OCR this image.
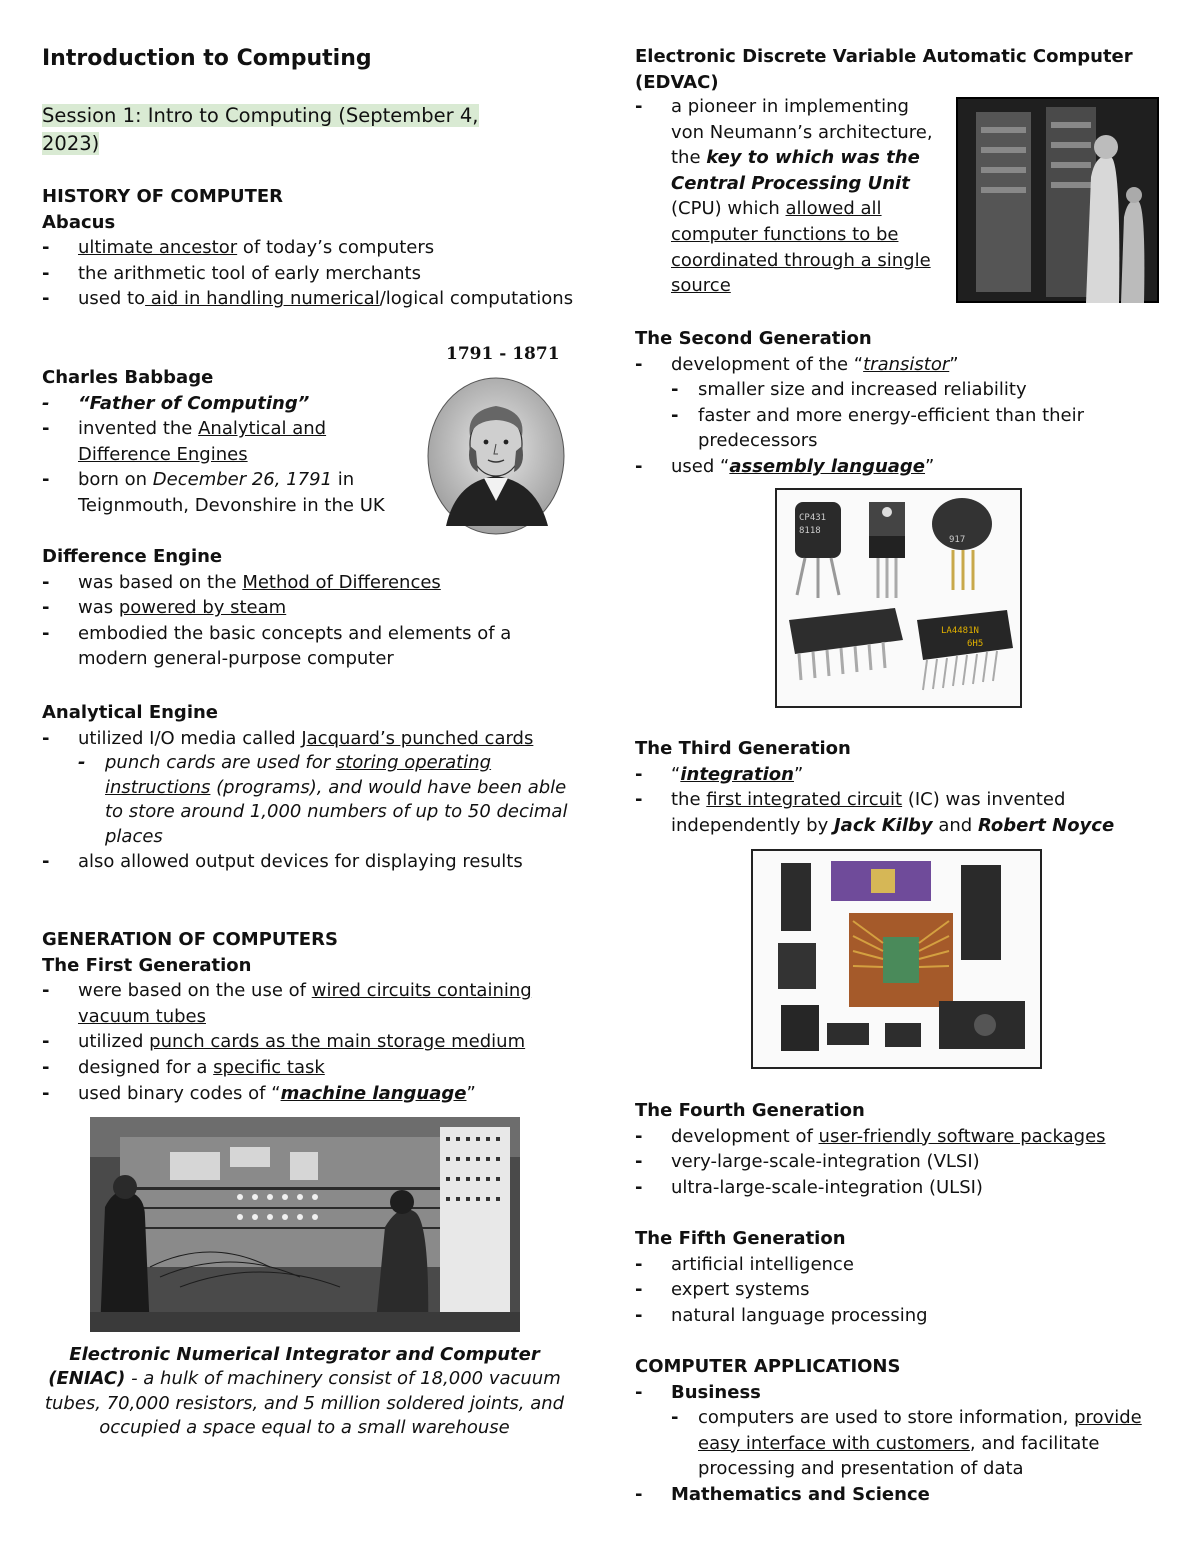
Introduction to Computing
Session 1: Intro to Computing (September 4, 2023)
HISTORY OF COMPUTER
Abacus
- ultimate ancestor of today’s computers
- the arithmetic tool of early merchants
- used to aid in handling numerical/logical computations
1791 - 1871
Charles Babbage
- “Father of Computing”
- invented the Analytical and Difference Engines
- born on December 26, 1791 in Teignmouth, Devonshire in the UK
Difference Engine
- was based on the Method of Differences
- was powered by steam
- embodied the basic concepts and elements of a modern general-purpose computer
Analytical Engine
- utilized I/O media called Jacquard’s punched cards
- punch cards are used for storing operating instructions (programs), and would have been able to store around 1,000 numbers of up to 50 decimal places
- also allowed output devices for displaying results
GENERATION OF COMPUTERS
The First Generation
- were based on the use of wired circuits containing vacuum tubes
- utilized punch cards as the main storage medium
- designed for a specific task
- used binary codes of “machine language”
Electronic Numerical Integrator and Computer (ENIAC) - a hulk of machinery consist of 18,000 vacuum tubes, 70,000 resistors, and 5 million soldered joints, and occupied a space equal to a small warehouse
Electronic Discrete Variable Automatic Computer (EDVAC)
- a pioneer in implementing von Neumann’s architecture, the key to which was the Central Processing Unit (CPU) which allowed all computer functions to be coordinated through a single source
The Second Generation
- development of the “transistor”
- smaller size and increased reliability
- faster and more energy-efficient than their predecessors
- used “assembly language”
CP431
8118
917
LA4481N
6H5
The Third Generation
- “integration”
- the first integrated circuit (IC) was invented independently by Jack Kilby and Robert Noyce
The Fourth Generation
- development of user-friendly software packages
- very-large-scale-integration (VLSI)
- ultra-large-scale-integration (ULSI)
The Fifth Generation
- artificial intelligence
- expert systems
- natural language processing
COMPUTER APPLICATIONS
- Business
- computers are used to store information, provide easy interface with customers, and facilitate processing and presentation of data
- Mathematics and Science
